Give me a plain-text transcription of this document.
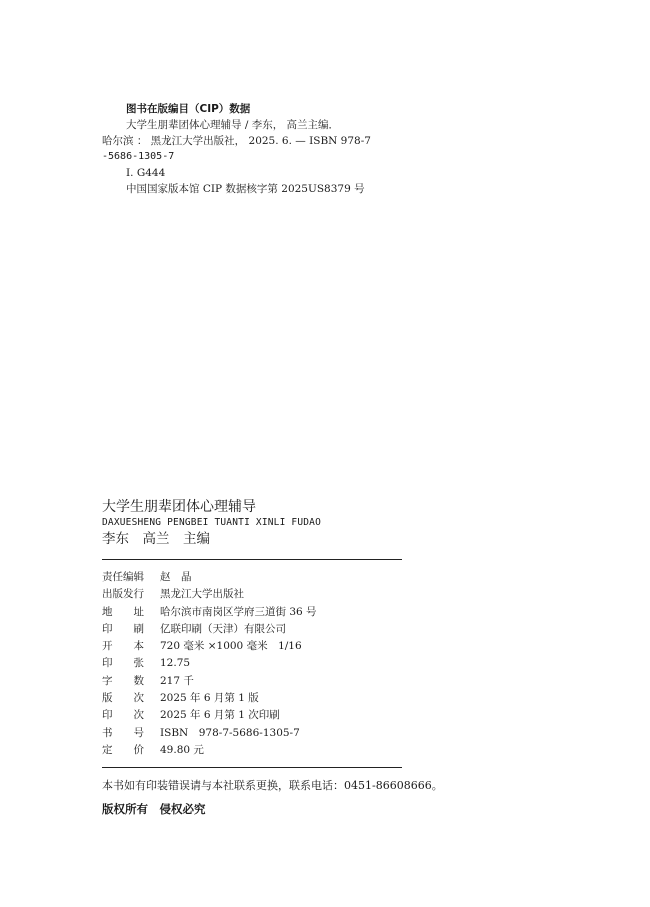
图书在版编目（CIP）数据
大学生朋辈团体心理辅导 / 李东， 高兰主编．
哈尔滨 ： 黑龙江大学出版社， 2025. 6. — ISBN 978-7
-5686-1305-7
Ⅰ. G444
中国国家版本馆 CIP 数据核字第 2025US8379 号
大学生朋辈团体心理辅导
DAXUESHENG PENGBEI TUANTI XINLI FUDAO
李东　高兰　主编
责任编辑	赵　晶
出版发行	黑龙江大学出版社
地　　址	哈尔滨市南岗区学府三道街 36 号
印　　刷	亿联印刷（天津）有限公司
开　　本	720 毫米 ×1000 毫米　1/16
印　　张	12.75
字　　数	217 千
版　　次	2025 年 6 月第 1 版
印　　次	2025 年 6 月第 1 次印刷
书　　号	ISBN　978-7-5686-1305-7
定　　价	49.80 元
本书如有印装错误请与本社联系更换，联系电话：0451-86608666。
版权所有　侵权必究
